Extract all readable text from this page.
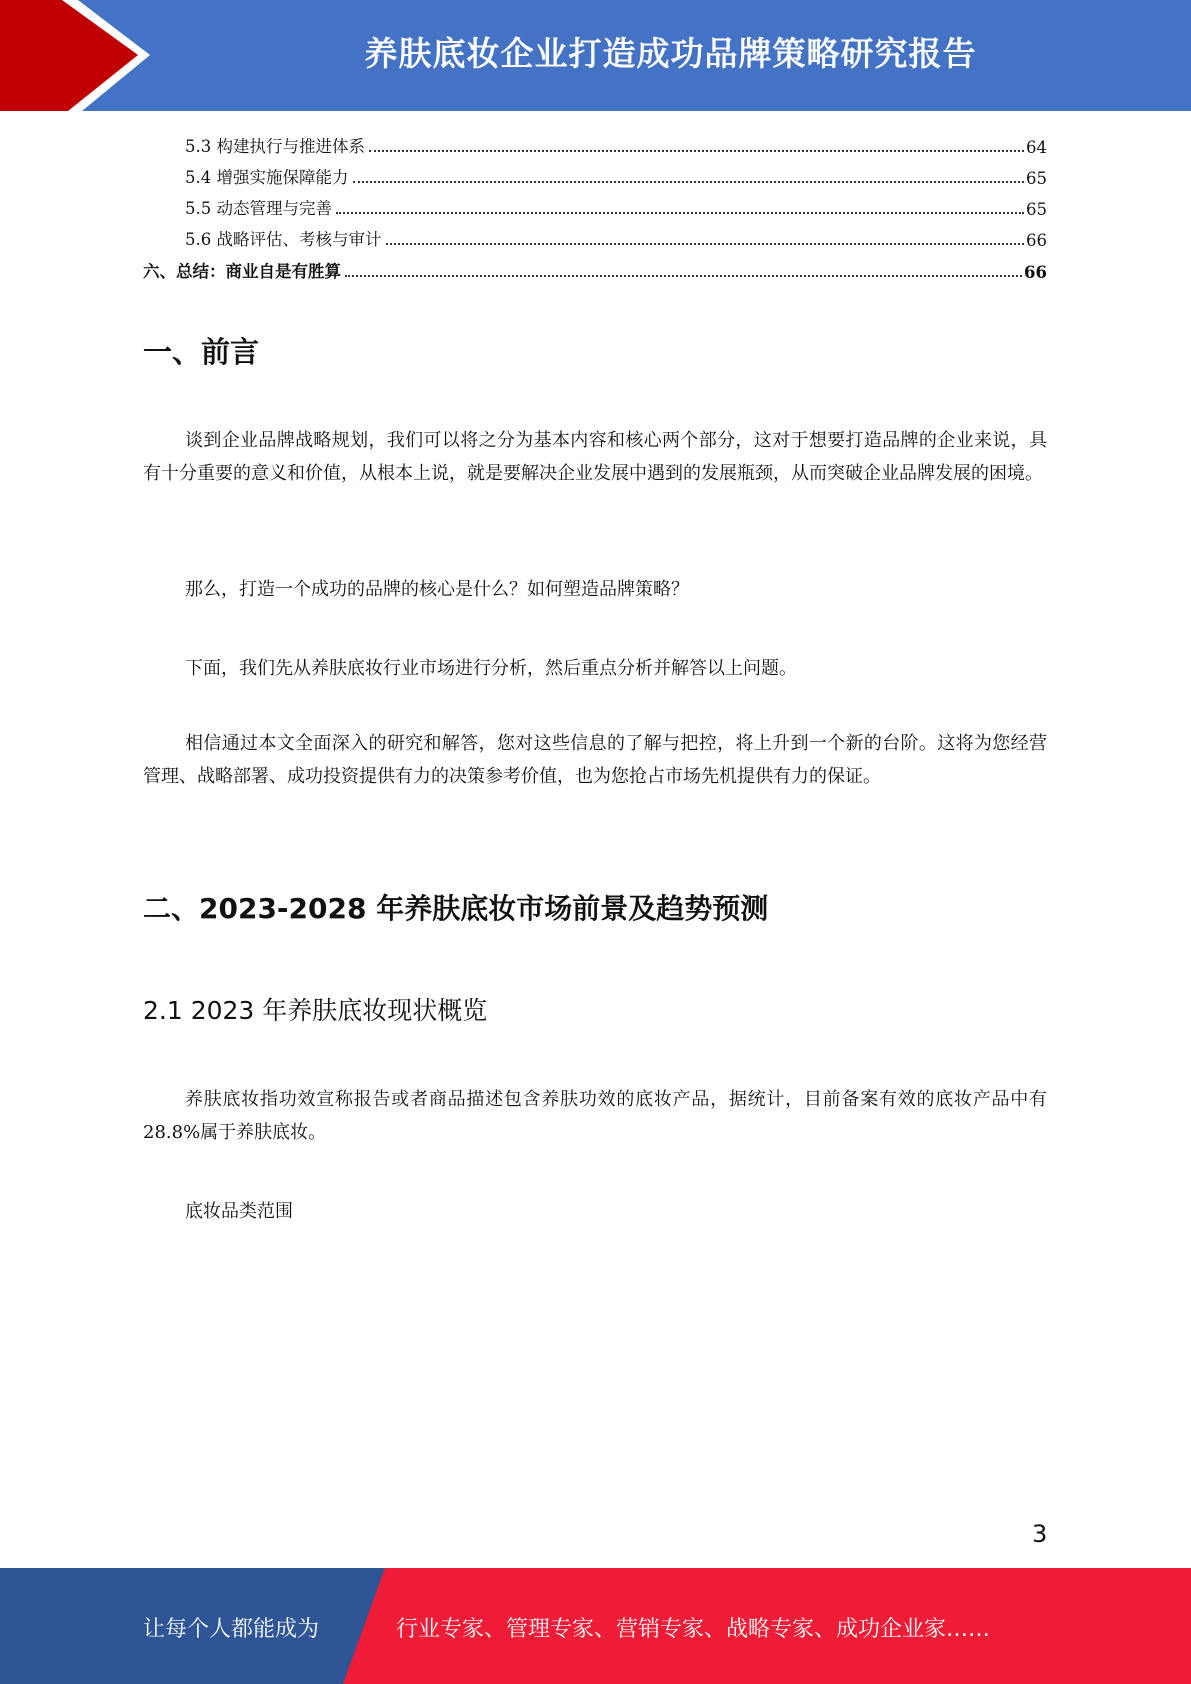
养肤底妆企业打造成功品牌策略研究报告
5.3 构建执行与推进体系	64
5.4 增强实施保障能力	65
5.5 动态管理与完善	65
5.6 战略评估、考核与审计	66
六、总结：商业自是有胜算	66
一、前言
谈到企业品牌战略规划，我们可以将之分为基本内容和核心两个部分，这对于想要打造品牌的企业来说，具有十分重要的意义和价值，从根本上说，就是要解决企业发展中遇到的发展瓶颈，从而突破企业品牌发展的困境。
那么，打造一个成功的品牌的核心是什么？如何塑造品牌策略？
下面，我们先从养肤底妆行业市场进行分析，然后重点分析并解答以上问题。
相信通过本文全面深入的研究和解答，您对这些信息的了解与把控，将上升到一个新的台阶。这将为您经营管理、战略部署、成功投资提供有力的决策参考价值，也为您抢占市场先机提供有力的保证。
二、2023-2028 年养肤底妆市场前景及趋势预测
2.1 2023 年养肤底妆现状概览
养肤底妆指功效宣称报告或者商品描述包含养肤功效的底妆产品，据统计，目前备案有效的底妆产品中有 28.8%属于养肤底妆。
底妆品类范围
3
让每个人都能成为	行业专家、管理专家、营销专家、战略专家、成功企业家……
